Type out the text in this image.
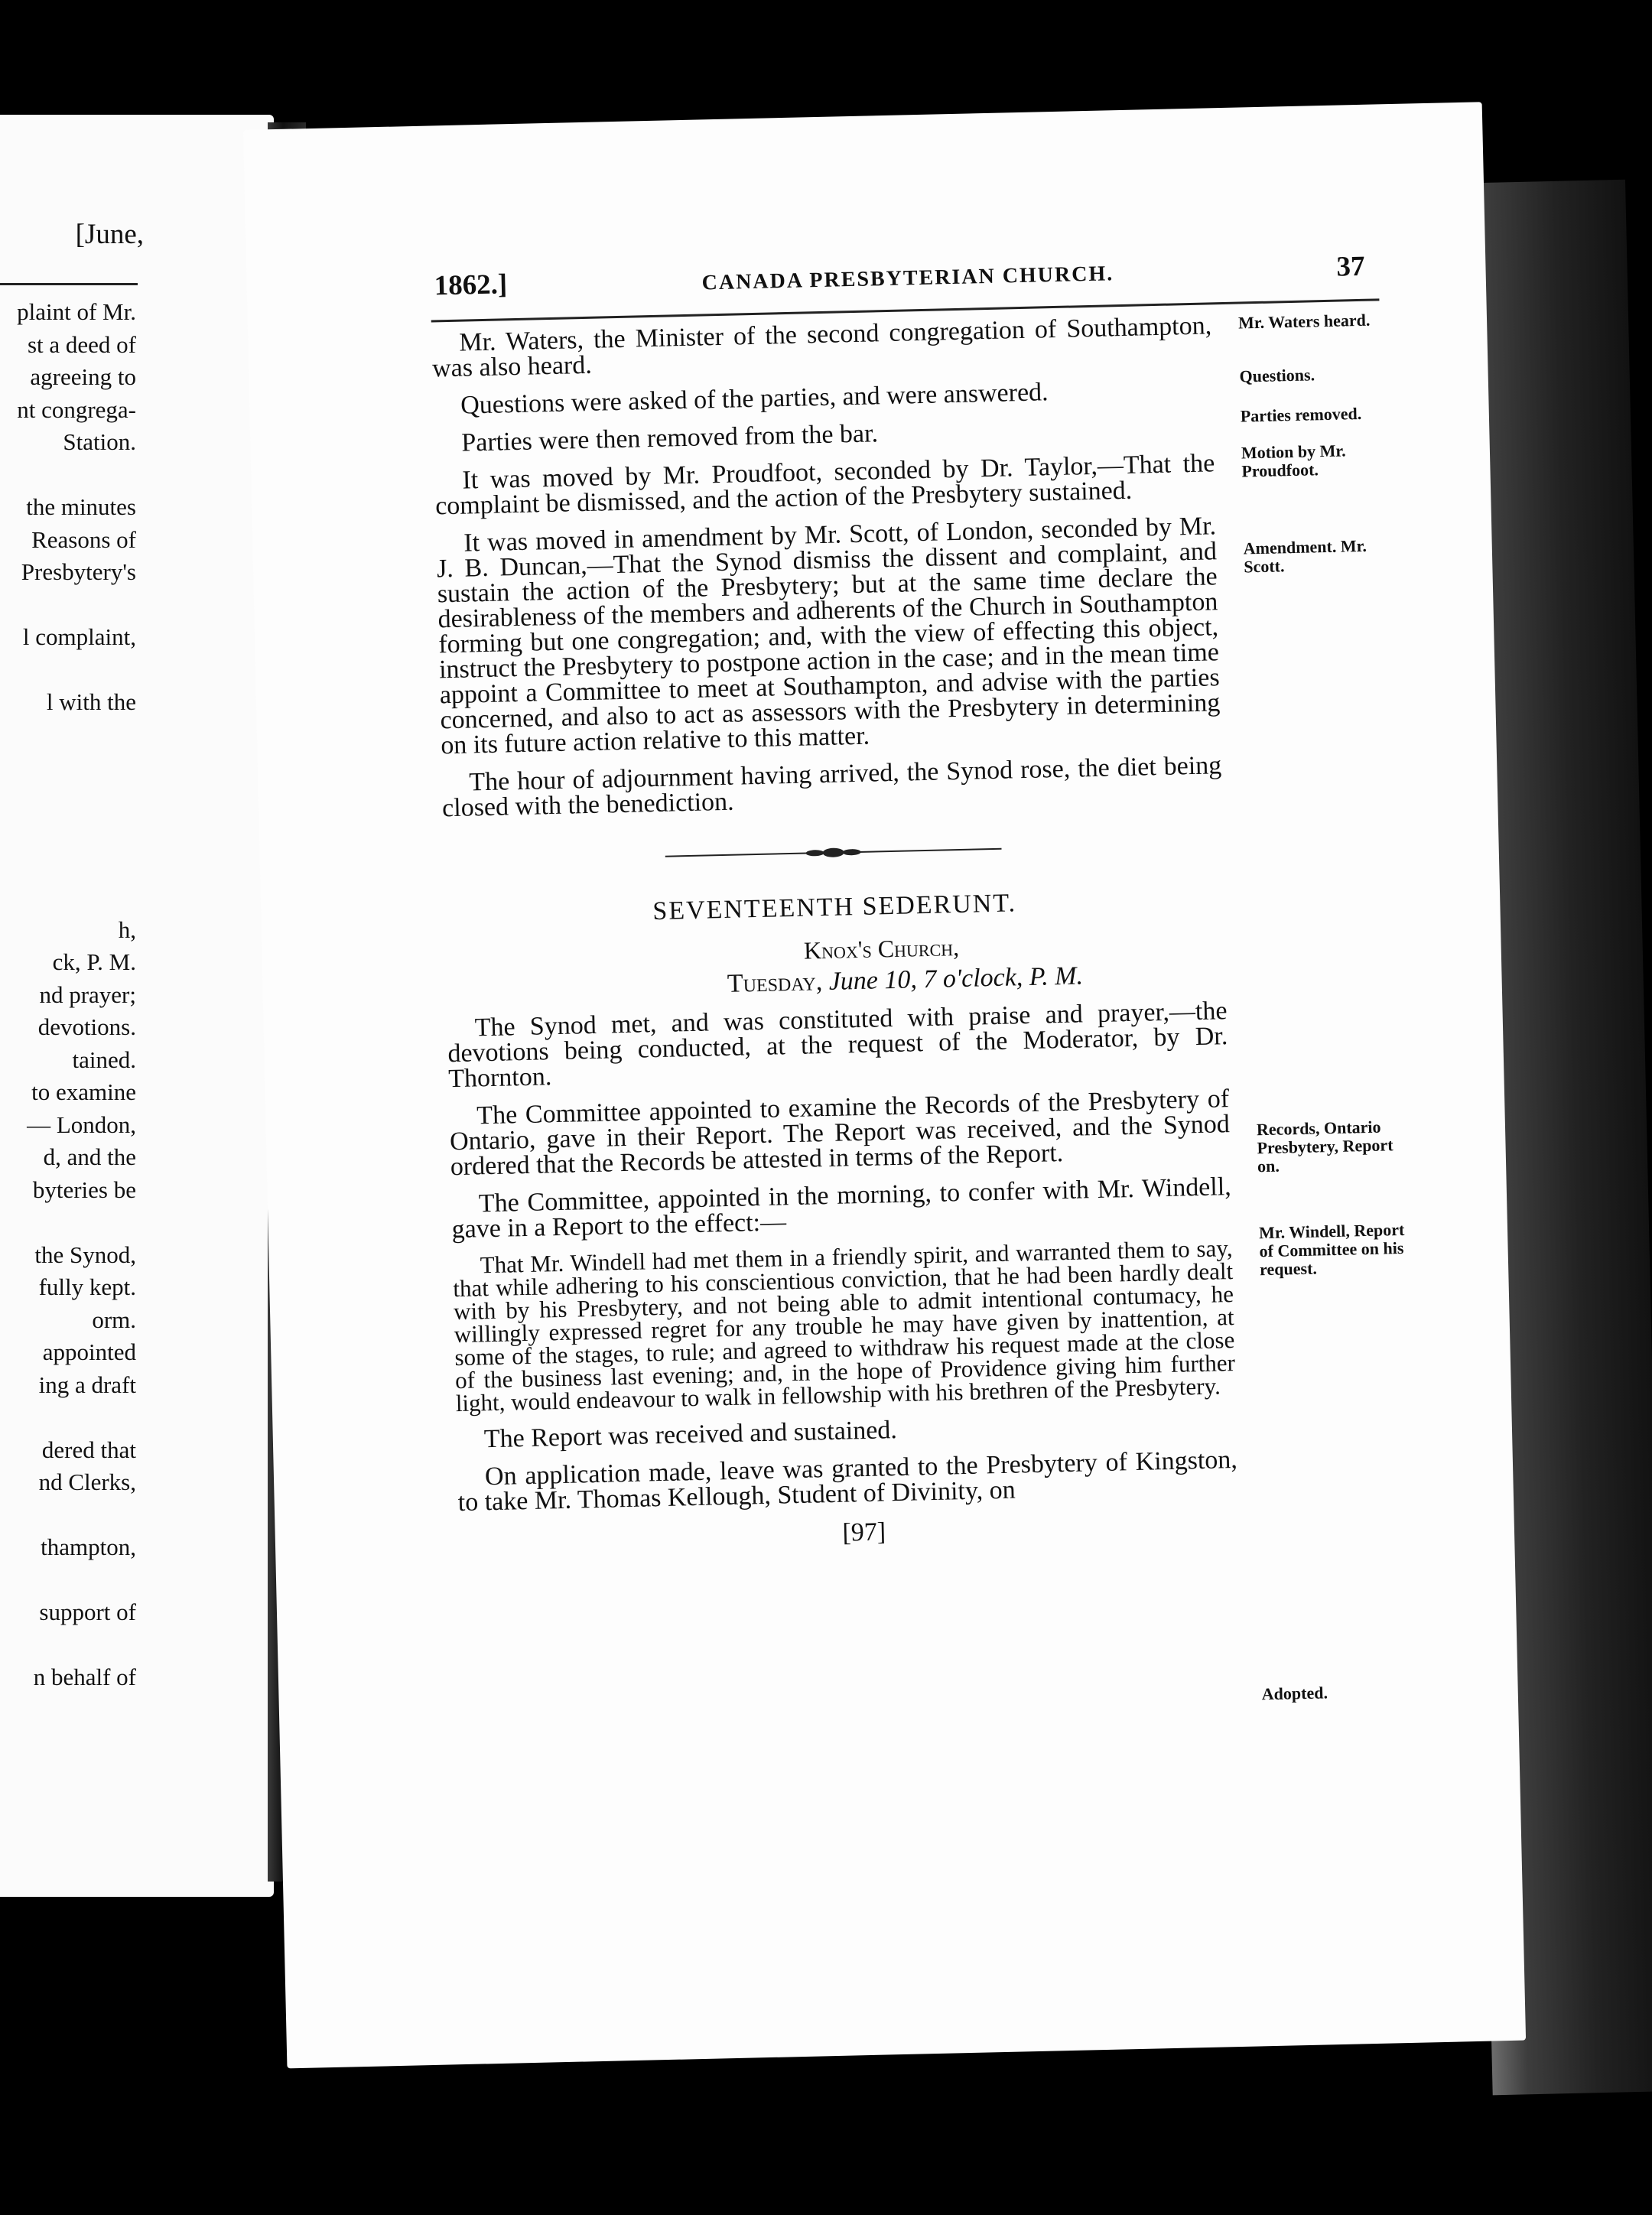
[June,
plaint of Mr.
st a deed of
agreeing to
nt congrega-
Station.
the minutes
Reasons of
Presbytery's
l complaint,
l with the
h,
ck, P. M.
nd prayer;
devotions.
tained.
to examine
— London,
d, and the
byteries be
the Synod,
fully kept.
orm.
appointed
ing a draft
dered that
nd Clerks,
thampton,
support of
n behalf of
1862.]	CANADA PRESBYTERIAN CHURCH.	37
Mr. Waters heard.
Questions.
Parties removed.
Motion by Mr. Proudfoot.
Amendment. Mr. Scott.
Records, Ontario Presbytery, Report on.
Mr. Windell, Report of Committee on his request.
Adopted.

Mr. Waters, the Minister of the second congregation of Southampton, was also heard.

Questions were asked of the parties, and were answered.

Parties were then removed from the bar.

It was moved by Mr. Proudfoot, seconded by Dr. Taylor,—That the complaint be dismissed, and the action of the Presbytery sustained.

It was moved in amendment by Mr. Scott, of London, seconded by Mr. J. B. Duncan,—That the Synod dismiss the dissent and complaint, and sustain the action of the Presbytery; but at the same time declare the desirableness of the members and adherents of the Church in Southampton forming but one congregation; and, with the view of effecting this object, instruct the Presbytery to postpone action in the case; and in the mean time appoint a Committee to meet at Southampton, and advise with the parties concerned, and also to act as assessors with the Presbytery in determining on its future action relative to this matter.

The hour of adjournment having arrived, the Synod rose, the diet being closed with the benediction.

SEVENTEENTH SEDERUNT.
Knox's Church,
Tuesday, June 10, 7 o'clock, P. M.

The Synod met, and was constituted with praise and prayer,—the devotions being conducted, at the request of the Moderator, by Dr. Thornton.

The Committee appointed to examine the Records of the Presbytery of Ontario, gave in their Report. The Report was received, and the Synod ordered that the Records be attested in terms of the Report.

The Committee, appointed in the morning, to confer with Mr. Windell, gave in a Report to the effect:—

That Mr. Windell had met them in a friendly spirit, and warranted them to say, that while adhering to his conscientious conviction, that he had been hardly dealt with by his Presbytery, and not being able to admit intentional contumacy, he willingly expressed regret for any trouble he may have given by inattention, at some of the stages, to rule; and agreed to withdraw his request made at the close of the business last evening; and, in the hope of Providence giving him further light, would endeavour to walk in fellowship with his brethren of the Presbytery.

The Report was received and sustained.

On application made, leave was granted to the Presbytery of Kingston, to take Mr. Thomas Kellough, Student of Divinity, on

[97]
